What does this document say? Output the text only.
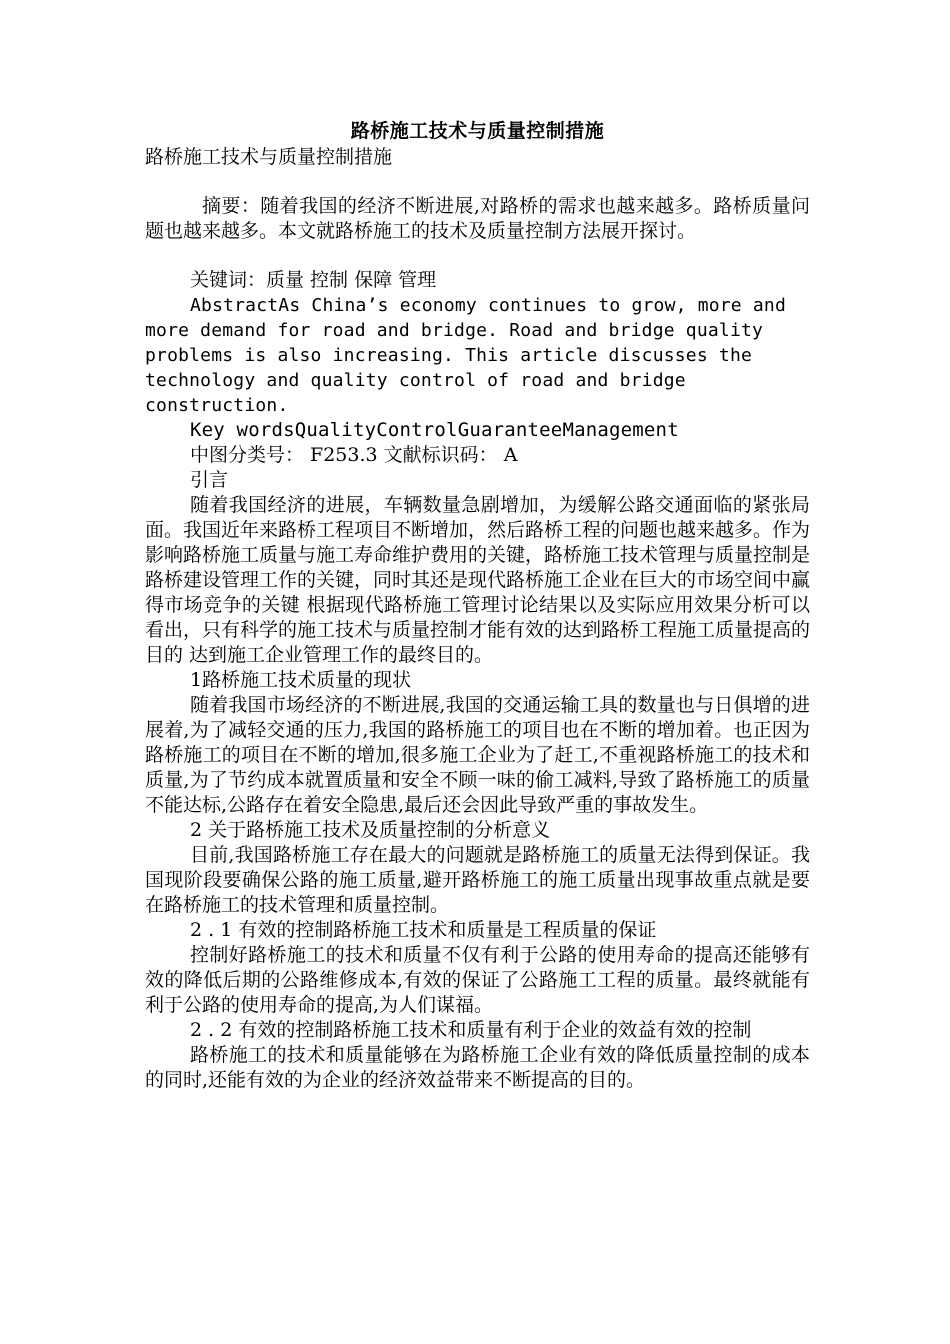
路桥施工技术与质量控制措施

路桥施工技术与质量控制措施

摘要：随着我国的经济不断进展,对路桥的需求也越来越多。路桥质量问题也越来越多。本文就路桥施工的技术及质量控制方法展开探讨。

关键词：质量 控制 保障 管理

AbstractAs China’s economy continues to grow, more and more demand for road and bridge. Road and bridge quality problems is also increasing. This article discusses the technology and quality control of road and bridge construction.

Key wordsQualityControlGuaranteeManagement

中图分类号： F253.3 文献标识码： A

引言

随着我国经济的进展，车辆数量急剧增加，为缓解公路交通面临的紧张局面。我国近年来路桥工程项目不断增加，然后路桥工程的问题也越来越多。作为影响路桥施工质量与施工寿命维护费用的关键，路桥施工技术管理与质量控制是路桥建设管理工作的关键，同时其还是现代路桥施工企业在巨大的市场空间中赢得市场竞争的关键 根据现代路桥施工管理讨论结果以及实际应用效果分析可以看出，只有科学的施工技术与质量控制才能有效的达到路桥工程施工质量提高的目的 达到施工企业管理工作的最终目的。

1路桥施工技术质量的现状

随着我国市场经济的不断进展,我国的交通运输工具的数量也与日俱增的进展着,为了减轻交通的压力,我国的路桥施工的项目也在不断的增加着。也正因为路桥施工的项目在不断的增加,很多施工企业为了赶工,不重视路桥施工的技术和质量,为了节约成本就置质量和安全不顾一味的偷工减料,导致了路桥施工的质量不能达标,公路存在着安全隐患,最后还会因此导致严重的事故发生。

2 关于路桥施工技术及质量控制的分析意义

目前,我国路桥施工存在最大的问题就是路桥施工的质量无法得到保证。我国现阶段要确保公路的施工质量,避开路桥施工的施工质量出现事故重点就是要在路桥施工的技术管理和质量控制。

2 . 1 有效的控制路桥施工技术和质量是工程质量的保证

控制好路桥施工的技术和质量不仅有利于公路的使用寿命的提高还能够有效的降低后期的公路维修成本,有效的保证了公路施工工程的质量。最终就能有利于公路的使用寿命的提高,为人们谋福。

2 . 2 有效的控制路桥施工技术和质量有利于企业的效益有效的控制

路桥施工的技术和质量能够在为路桥施工企业有效的降低质量控制的成本的同时,还能有效的为企业的经济效益带来不断提高的目的。
